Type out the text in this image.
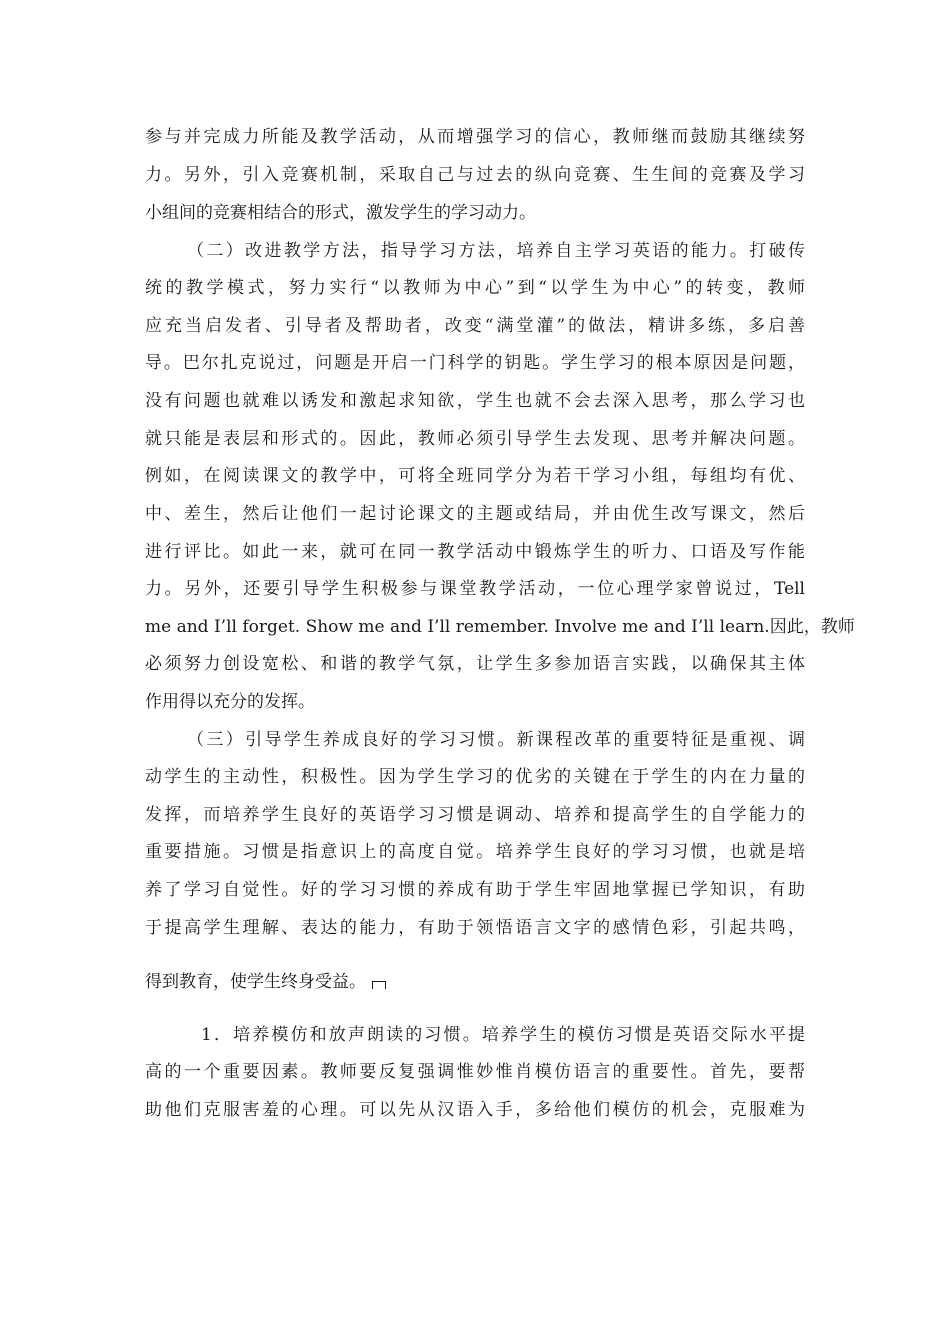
参与并完成力所能及教学活动，从而增强学习的信心，教师继而鼓励其继续努
力。另外，引入竞赛机制，采取自己与过去的纵向竞赛、生生间的竞赛及学习
小组间的竞赛相结合的形式，激发学生的学习动力。
（二）改进教学方法，指导学习方法，培养自主学习英语的能力。打破传
统的教学模式，努力实行“以教师为中心”到“以学生为中心”的转变，教师
应充当启发者、引导者及帮助者，改变“满堂灌”的做法，精讲多练，多启善
导。巴尔扎克说过，问题是开启一门科学的钥匙。学生学习的根本原因是问题，
没有问题也就难以诱发和激起求知欲，学生也就不会去深入思考，那么学习也
就只能是表层和形式的。因此，教师必须引导学生去发现、思考并解决问题。
例如，在阅读课文的教学中，可将全班同学分为若干学习小组，每组均有优、
中、差生，然后让他们一起讨论课文的主题或结局，并由优生改写课文，然后
进行评比。如此一来，就可在同一教学活动中锻炼学生的听力、口语及写作能
力。另外，还要引导学生积极参与课堂教学活动，一位心理学家曾说过，Tell
me and I’ll forget. Show me and I’ll remember. Involve me and I’ll learn.因此，教师
必须努力创设宽松、和谐的教学气氛，让学生多参加语言实践，以确保其主体
作用得以充分的发挥。
（三）引导学生养成良好的学习习惯。新课程改革的重要特征是重视、调
动学生的主动性，积极性。因为学生学习的优劣的关键在于学生的内在力量的
发挥，而培养学生良好的英语学习习惯是调动、培养和提高学生的自学能力的
重要措施。习惯是指意识上的高度自觉。培养学生良好的学习习惯，也就是培
养了学习自觉性。好的学习习惯的养成有助于学生牢固地掌握已学知识，有助
于提高学生理解、表达的能力，有助于领悟语言文字的感情色彩，引起共鸣，
得到教育，使学生终身受益。
1．培养模仿和放声朗读的习惯。培养学生的模仿习惯是英语交际水平提
高的一个重要因素。教师要反复强调惟妙惟肖模仿语言的重要性。首先，要帮
助他们克服害羞的心理。可以先从汉语入手，多给他们模仿的机会，克服难为
